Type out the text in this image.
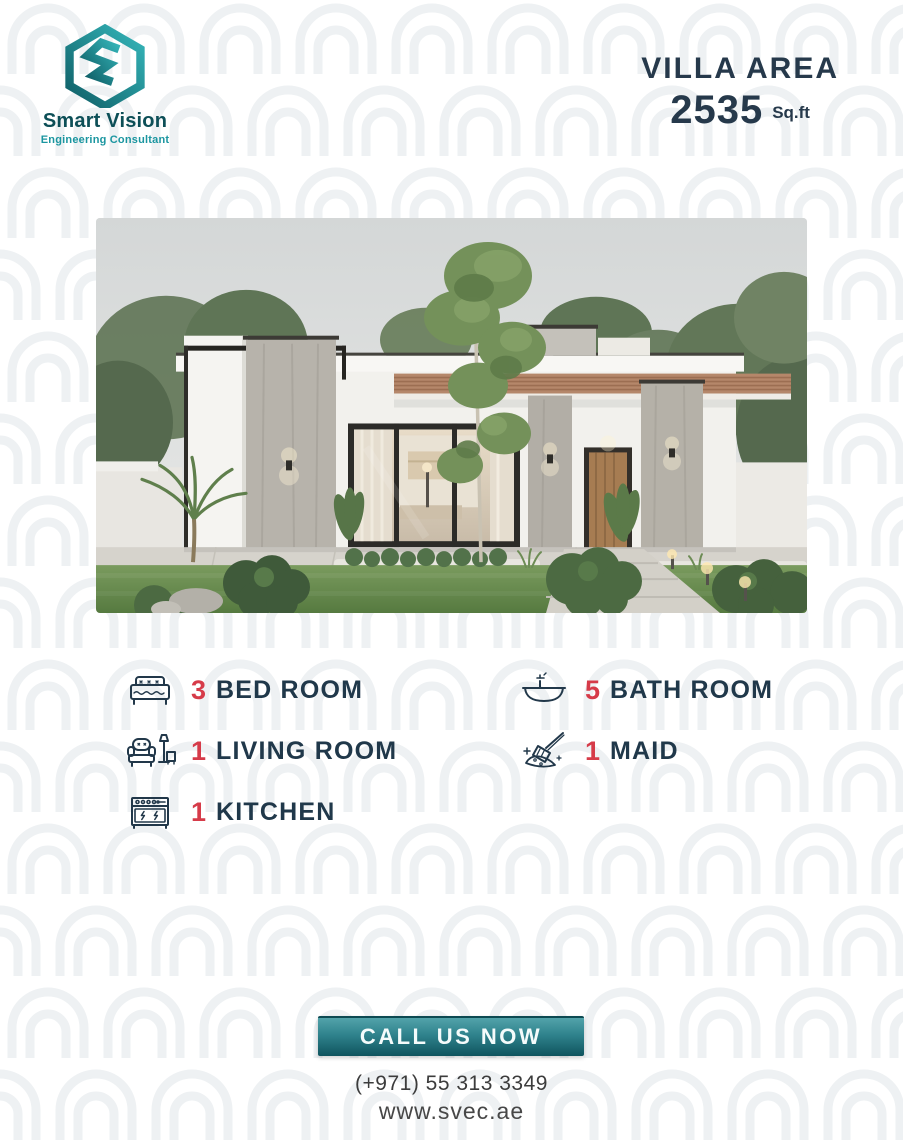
Smart Vision
Engineering Consultant
VILLA AREA
2535 Sq.ft
3 BED ROOM
1 LIVING ROOM
1 KITCHEN
5 BATH ROOM
1 MAID
CALL US NOW
(+971) 55 313 3349
www.svec.ae
